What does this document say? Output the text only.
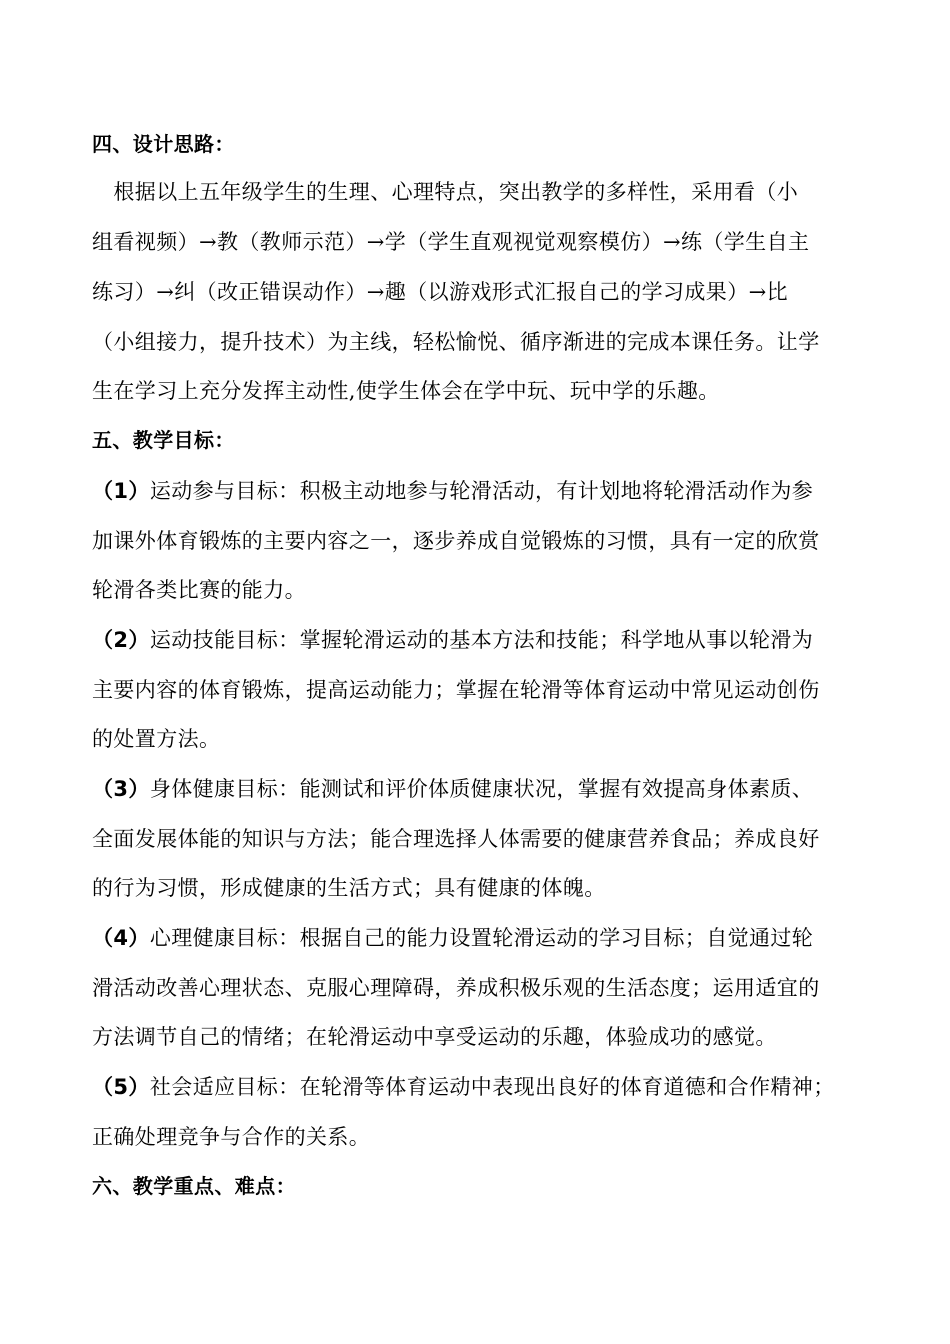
四、设计思路：
　根据以上五年级学生的生理、心理特点，突出教学的多样性，采用看（小
组看视频）→教（教师示范）→学（学生直观视觉观察模仿）→练（学生自主
练习）→纠（改正错误动作）→趣（以游戏形式汇报自己的学习成果）→比
（小组接力，提升技术）为主线，轻松愉悦、循序渐进的完成本课任务。让学
生在学习上充分发挥主动性,使学生体会在学中玩、玩中学的乐趣。
五、教学目标：
（1）运动参与目标：积极主动地参与轮滑活动，有计划地将轮滑活动作为参
加课外体育锻炼的主要内容之一，逐步养成自觉锻炼的习惯，具有一定的欣赏
轮滑各类比赛的能力。
（2）运动技能目标：掌握轮滑运动的基本方法和技能；科学地从事以轮滑为
主要内容的体育锻炼，提高运动能力；掌握在轮滑等体育运动中常见运动创伤
的处置方法。
（3）身体健康目标：能测试和评价体质健康状况，掌握有效提高身体素质、
全面发展体能的知识与方法；能合理选择人体需要的健康营养食品；养成良好
的行为习惯，形成健康的生活方式；具有健康的体魄。
（4）心理健康目标：根据自己的能力设置轮滑运动的学习目标；自觉通过轮
滑活动改善心理状态、克服心理障碍，养成积极乐观的生活态度；运用适宜的
方法调节自己的情绪；在轮滑运动中享受运动的乐趣，体验成功的感觉。
（5）社会适应目标：在轮滑等体育运动中表现出良好的体育道德和合作精神；
正确处理竞争与合作的关系。
六、教学重点、难点：
